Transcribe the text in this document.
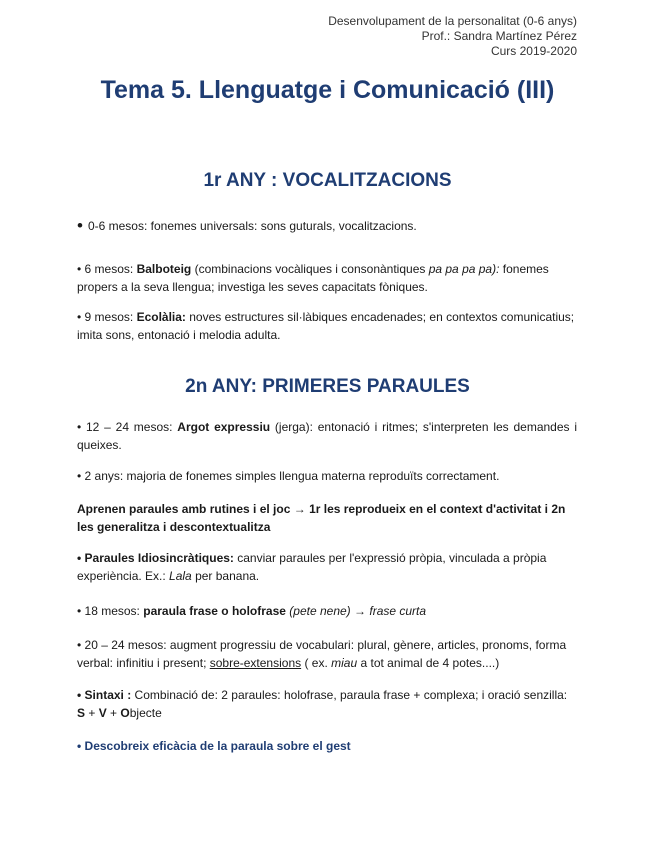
Desenvolupament de la personalitat (0-6 anys)
Prof.: Sandra Martínez Pérez
Curs 2019-2020
Tema 5. Llenguatge i Comunicació (III)
1r ANY : VOCALITZACIONS
• 0-6 mesos: fonemes universals: sons guturals, vocalitzacions.
• 6 mesos: Balboteig (combinacions vocàliques i consonàntiques pa pa pa pa): fonemes propers a la seva llengua; investiga les seves capacitats fòniques.
• 9 mesos: Ecolàlia: noves estructures sil·làbiques encadenades; en contextos comunicatius; imita sons, entonació i melodia adulta.
2n ANY: PRIMERES PARAULES
• 12 – 24 mesos: Argot expressiu (jerga): entonació i ritmes; s'interpreten les demandes i queixes.
• 2 anys: majoria de fonemes simples llengua materna reproduïts correctament.
Aprenen paraules amb rutines i el joc → 1r les reprodueix en el context d'activitat i 2n les generalitza i descontextualitza
• Paraules Idiosincràtiques: canviar paraules per l'expressió pròpia, vinculada a pròpia experiència. Ex.: Lala per banana.
• 18 mesos: paraula frase o holofrase (pete nene) → frase curta
• 20 – 24 mesos: augment progressiu de vocabulari: plural, gènere, articles, pronoms, forma verbal: infinitiu i present; sobre-extensions ( ex. miau a tot animal de 4 potes....)
• Sintaxi : Combinació de: 2 paraules: holofrase, paraula frase + complexa; i oració senzilla:
S + V + Objecte
• Descobreix eficàcia de la paraula sobre el gest
